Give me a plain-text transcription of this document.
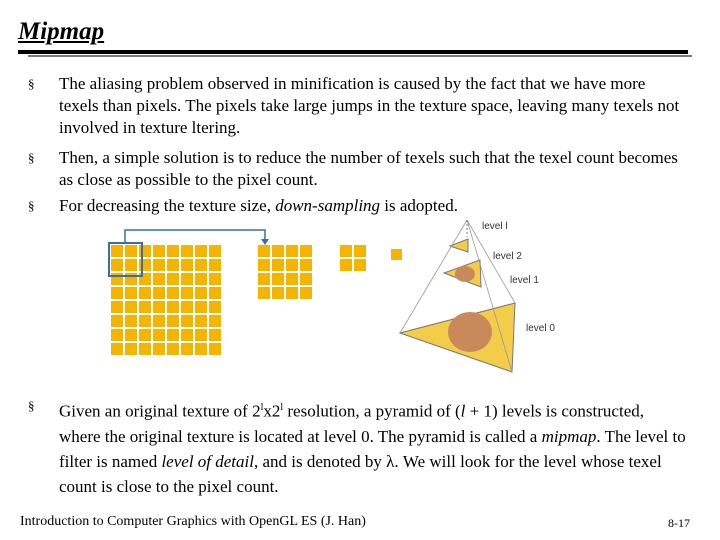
Mipmap
§ The aliasing problem observed in minification is caused by the fact that we have more texels than pixels. The pixels take large jumps in the texture space, leaving many texels not involved in texture ltering.
§ Then, a simple solution is to reduce the number of texels such that the texel count becomes as close as possible to the pixel count.
§ For decreasing the texture size, down-sampling is adopted.
level l
level 2
level 1
level 0
§ Given an original texture of 2$^l$x2$^l$ resolution, a pyramid of (l + 1) levels is constructed, where the original texture is located at level 0. The pyramid is called a mipmap. The level to filter is named level of detail, and is denoted by λ. We will look for the level whose texel count is close to the pixel count.
Introduction to Computer Graphics with OpenGL ES (J. Han)	8-17
